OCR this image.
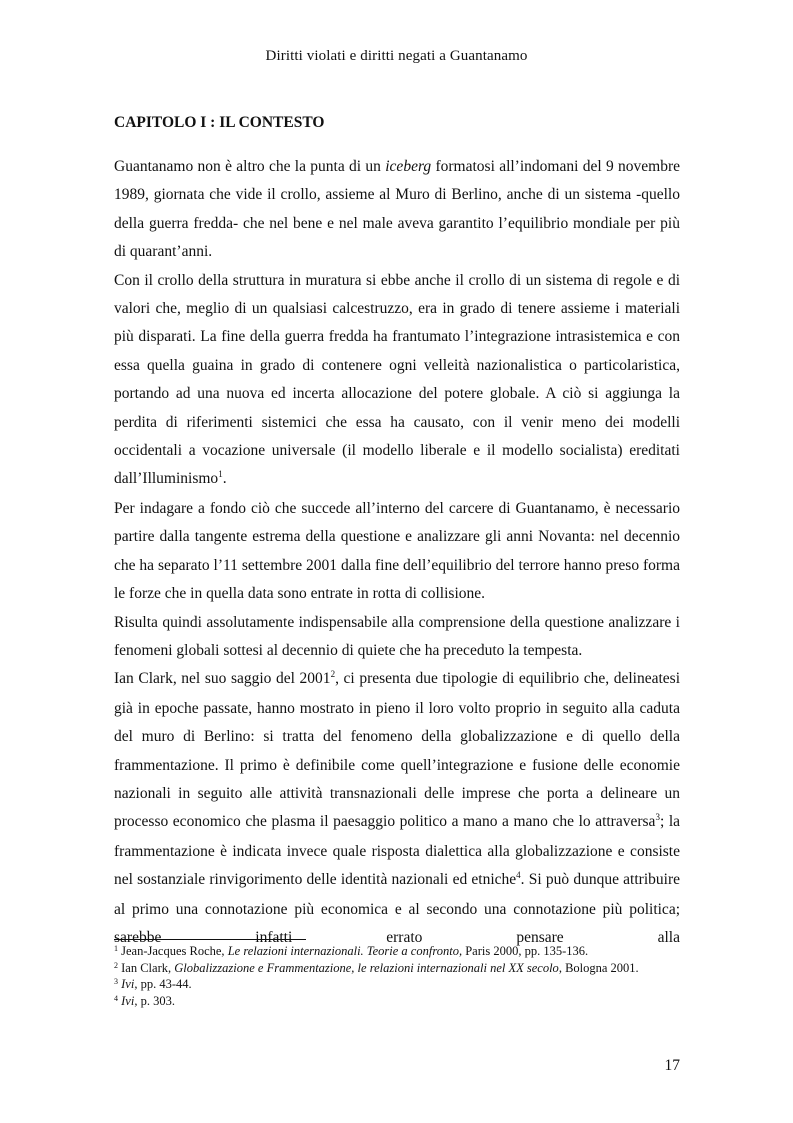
Diritti violati e diritti negati a Guantanamo
CAPITOLO I : IL CONTESTO

Guantanamo non è altro che la punta di un iceberg formatosi all’indomani del 9 novembre 1989, giornata che vide il crollo, assieme al Muro di Berlino, anche di un sistema -quello della guerra fredda- che nel bene e nel male aveva garantito l’equilibrio mondiale per più di quarant’anni.

Con il crollo della struttura in muratura si ebbe anche il crollo di un sistema di regole e di valori che, meglio di un qualsiasi calcestruzzo, era in grado di tenere assieme i materiali più disparati. La fine della guerra fredda ha frantumato l’integrazione intrasistemica e con essa quella guaina in grado di contenere ogni velleità nazionalistica o particolaristica, portando ad una nuova ed incerta allocazione del potere globale. A ciò si aggiunga la perdita di riferimenti sistemici che essa ha causato, con il venir meno dei modelli occidentali a vocazione universale (il modello liberale e il modello socialista) ereditati dall’Illuminismo$^1$.

Per indagare a fondo ciò che succede all’interno del carcere di Guantanamo, è necessario partire dalla tangente estrema della questione e analizzare gli anni Novanta: nel decennio che ha separato l’11 settembre 2001 dalla fine dell’equilibrio del terrore hanno preso forma le forze che in quella data sono entrate in rotta di collisione.

Risulta quindi assolutamente indispensabile alla comprensione della questione analizzare i fenomeni globali sottesi al decennio di quiete che ha preceduto la tempesta.

Ian Clark, nel suo saggio del 2001$^2$, ci presenta due tipologie di equilibrio che, delineatesi già in epoche passate, hanno mostrato in pieno il loro volto proprio in seguito alla caduta del muro di Berlino: si tratta del fenomeno della globalizzazione e di quello della frammentazione. Il primo è definibile come quell’integrazione e fusione delle economie nazionali in seguito alle attività transnazionali delle imprese che porta a delineare un processo economico che plasma il paesaggio politico a mano a mano che lo attraversa$^3$; la frammentazione è indicata invece quale risposta dialettica alla globalizzazione e consiste nel sostanziale rinvigorimento delle identità nazionali ed etniche$^4$. Si può dunque attribuire al primo una connotazione più economica e al secondo una connotazione più politica; sarebbe infatti errato pensare alla

$^1$ Jean-Jacques Roche, Le relazioni internazionali. Teorie a confronto, Paris 2000, pp. 135-136.
$^2$ Ian Clark, Globalizzazione e Frammentazione, le relazioni internazionali nel XX secolo, Bologna 2001.
$^3$ Ivi, pp. 43-44.
$^4$ Ivi, p. 303.
17
